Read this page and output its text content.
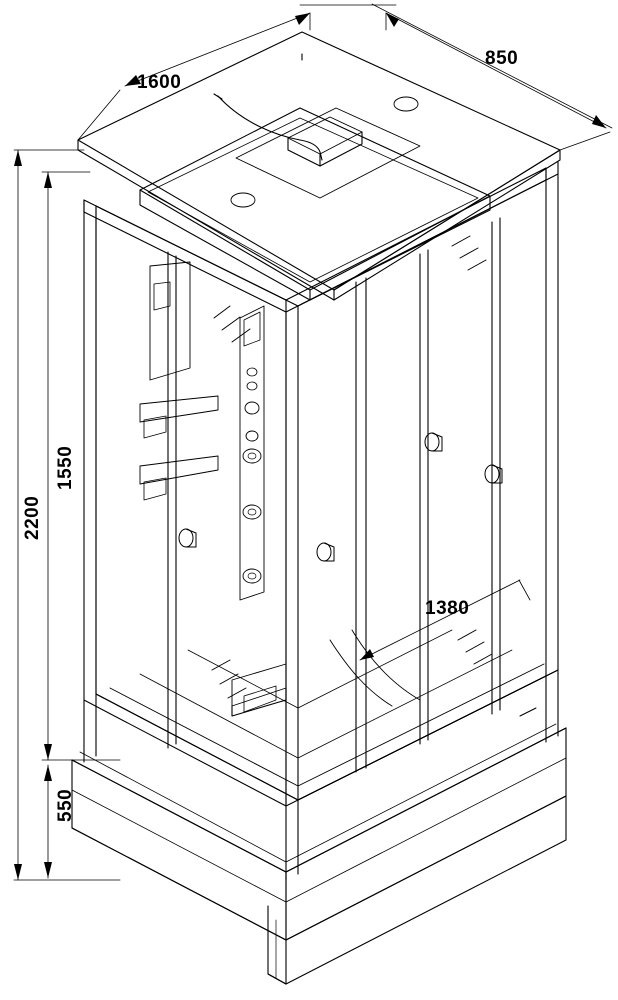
1600
850
2200
1550
550
1380
